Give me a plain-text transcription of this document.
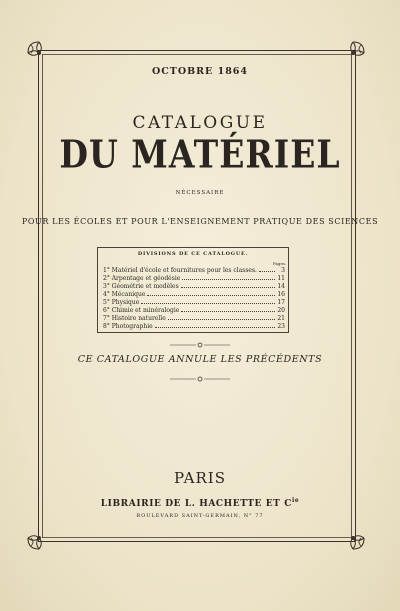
OCTOBRE 1864
CATALOGUE
DU MATÉRIEL
NÉCESSAIRE
POUR LES ÉCOLES ET POUR L'ENSEIGNEMENT PRATIQUE DES SCIENCES
DIVISIONS DE CE CATALOGUE.
Pages.
1° Matériel d'école et fournitures pour les classes.	3
2° Arpentage et géodésie	11
3° Géométrie et modèles	14
4° Mécanique	16
5° Physique	17
6° Chimie et minéralogie	20
7° Histoire naturelle	21
8° Photographie	23
CE CATALOGUE ANNULE LES PRÉCÉDENTS
PARIS
LIBRAIRIE DE L. HACHETTE ET $C^{ie}$
BOULEVARD SAINT-GERMAIN, N° 77
